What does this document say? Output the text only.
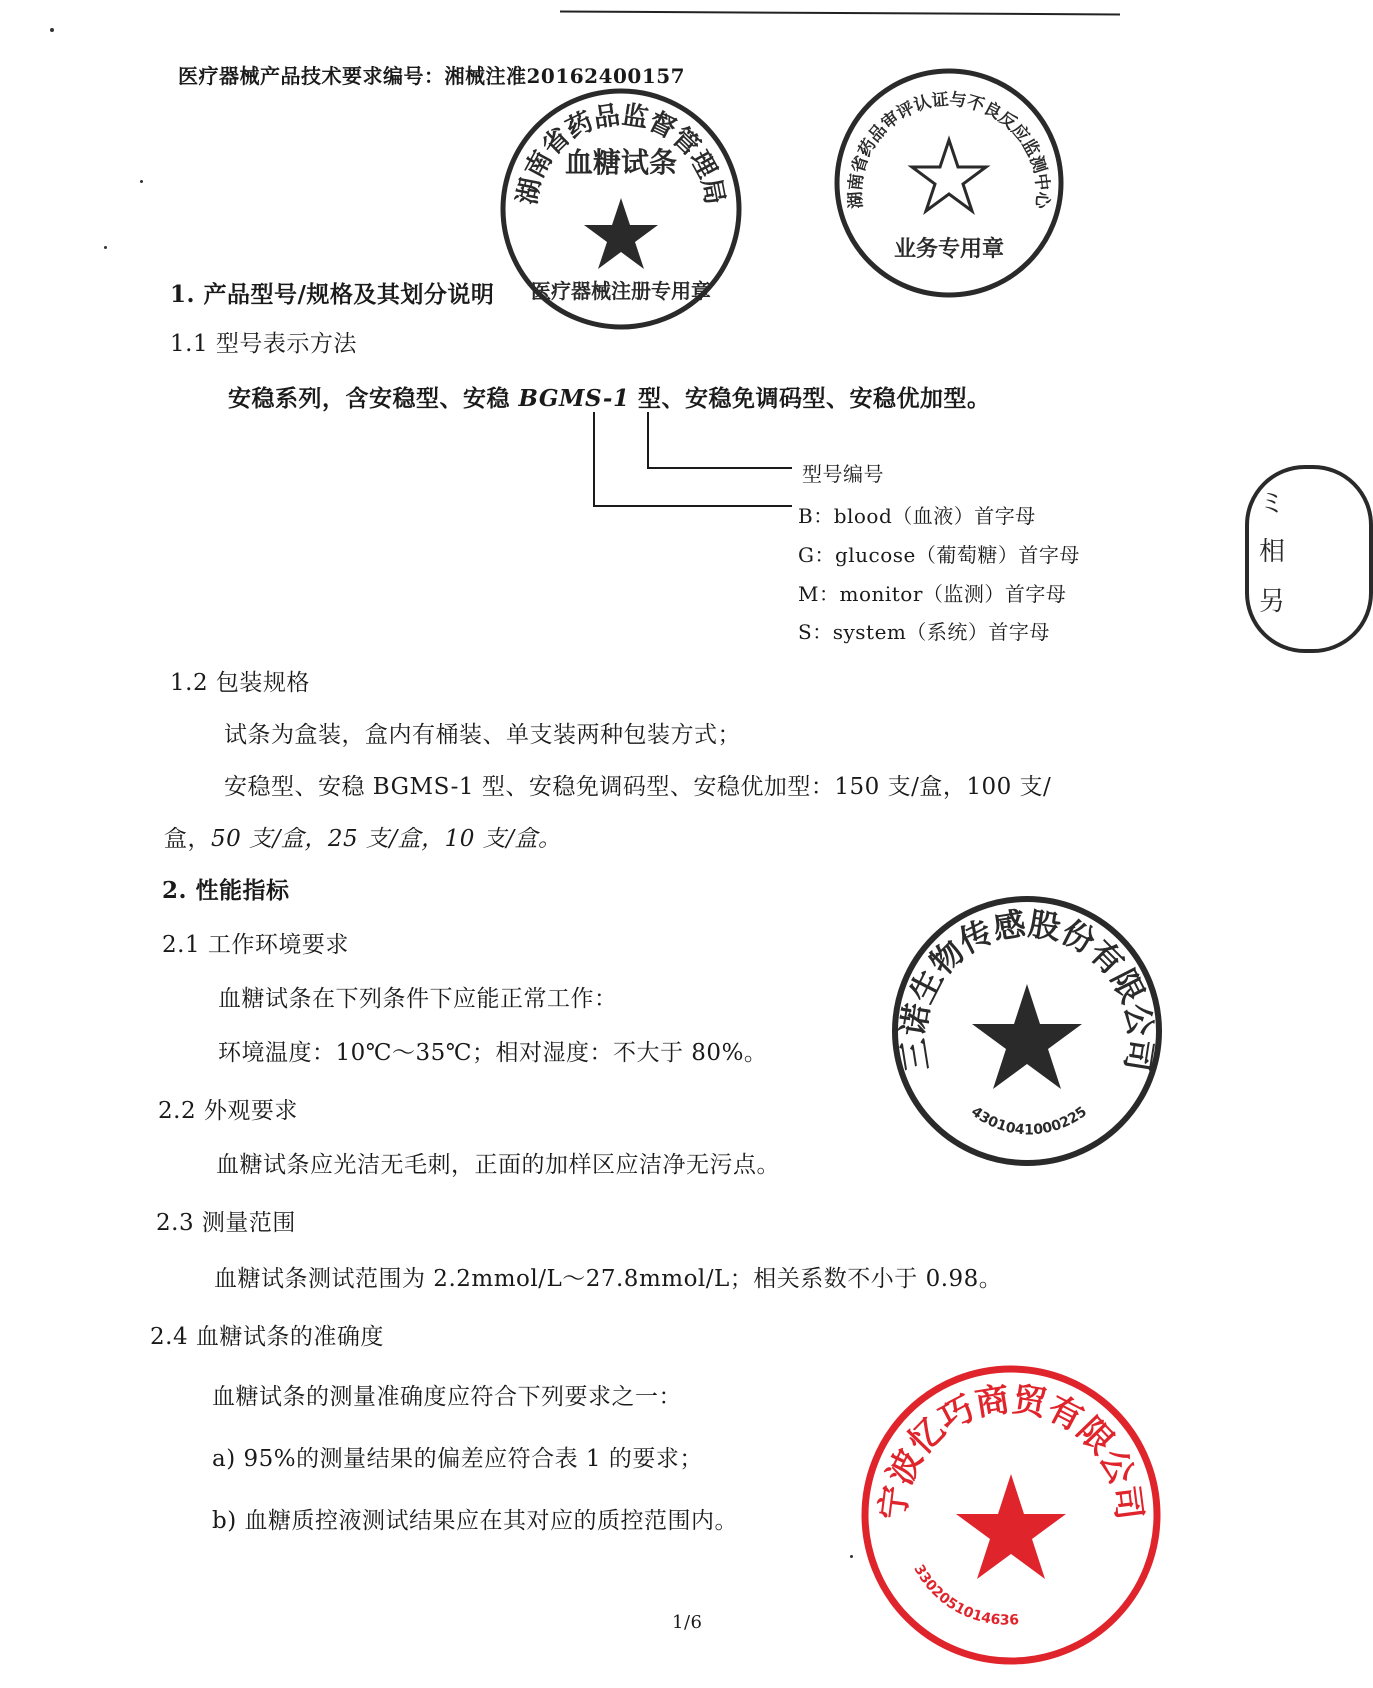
医疗器械产品技术要求编号：湘械注准20162400157
1. 产品型号/规格及其划分说明
1.1 型号表示方法
安稳系列，含安稳型、安稳 BGMS-1 型、安稳免调码型、安稳优加型。
型号编号
B：blood（血液）首字母
G：glucose（葡萄糖）首字母
M：monitor（监测）首字母
S：system（系统）首字母
1.2 包装规格
试条为盒装，盒内有桶装、单支装两种包装方式；
安稳型、安稳 BGMS-1 型、安稳免调码型、安稳优加型：150 支/盒，100 支/
盒，50 支/盒，25 支/盒，10 支/盒。
2. 性能指标
2.1 工作环境要求
血糖试条在下列条件下应能正常工作：
环境温度：10℃～35℃；相对湿度：不大于 80%。
2.2 外观要求
血糖试条应光洁无毛刺，正面的加样区应洁净无污点。
2.3 测量范围
血糖试条测试范围为 2.2mmol/L～27.8mmol/L；相关系数不小于 0.98。
2.4 血糖试条的准确度
血糖试条的测量准确度应符合下列要求之一：
a) 95%的测量结果的偏差应符合表 1 的要求；
b) 血糖质控液测试结果应在其对应的质控范围内。
1/6
湖南省药品监督管理局
血糖试条
医疗器械注册专用章
湖南省药品审评认证与不良反应监测中心
业务专用章
三诺生物传感股份有限公司
4301041000225
宁波忆巧商贸有限公司
3302051014636
ミ
相
另
